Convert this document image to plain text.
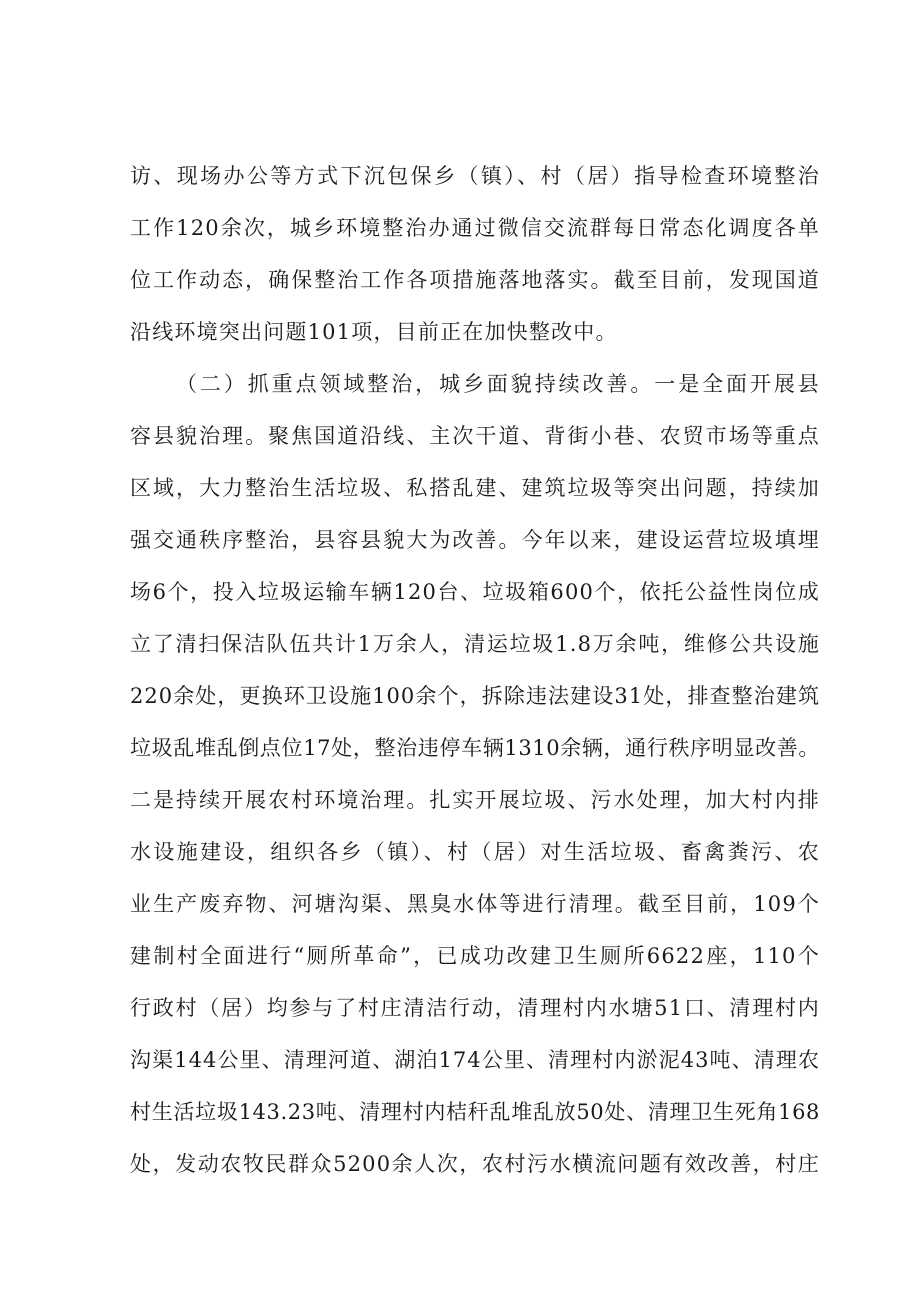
访、现场办公等方式下沉包保乡（镇）、村（居）指导检查环境整治
工作120余次，城乡环境整治办通过微信交流群每日常态化调度各单
位工作动态，确保整治工作各项措施落地落实。截至目前，发现国道
沿线环境突出问题101项，目前正在加快整改中。
（二）抓重点领域整治，城乡面貌持续改善。一是全面开展县
容县貌治理。聚焦国道沿线、主次干道、背街小巷、农贸市场等重点
区域，大力整治生活垃圾、私搭乱建、建筑垃圾等突出问题，持续加
强交通秩序整治，县容县貌大为改善。今年以来，建设运营垃圾填埋
场6个，投入垃圾运输车辆120台、垃圾箱600个，依托公益性岗位成
立了清扫保洁队伍共计1万余人，清运垃圾1.8万余吨，维修公共设施
220余处，更换环卫设施100余个，拆除违法建设31处，排查整治建筑
垃圾乱堆乱倒点位17处，整治违停车辆1310余辆，通行秩序明显改善。
二是持续开展农村环境治理。扎实开展垃圾、污水处理，加大村内排
水设施建设，组织各乡（镇）、村（居）对生活垃圾、畜禽粪污、农
业生产废弃物、河塘沟渠、黑臭水体等进行清理。截至目前，109个
建制村全面进行“厕所革命”，已成功改建卫生厕所6622座，110个
行政村（居）均参与了村庄清洁行动，清理村内水塘51口、清理村内
沟渠144公里、清理河道、湖泊174公里、清理村内淤泥43吨、清理农
村生活垃圾143.23吨、清理村内桔秆乱堆乱放50处、清理卫生死角168
处，发动农牧民群众5200余人次，农村污水横流问题有效改善，村庄
